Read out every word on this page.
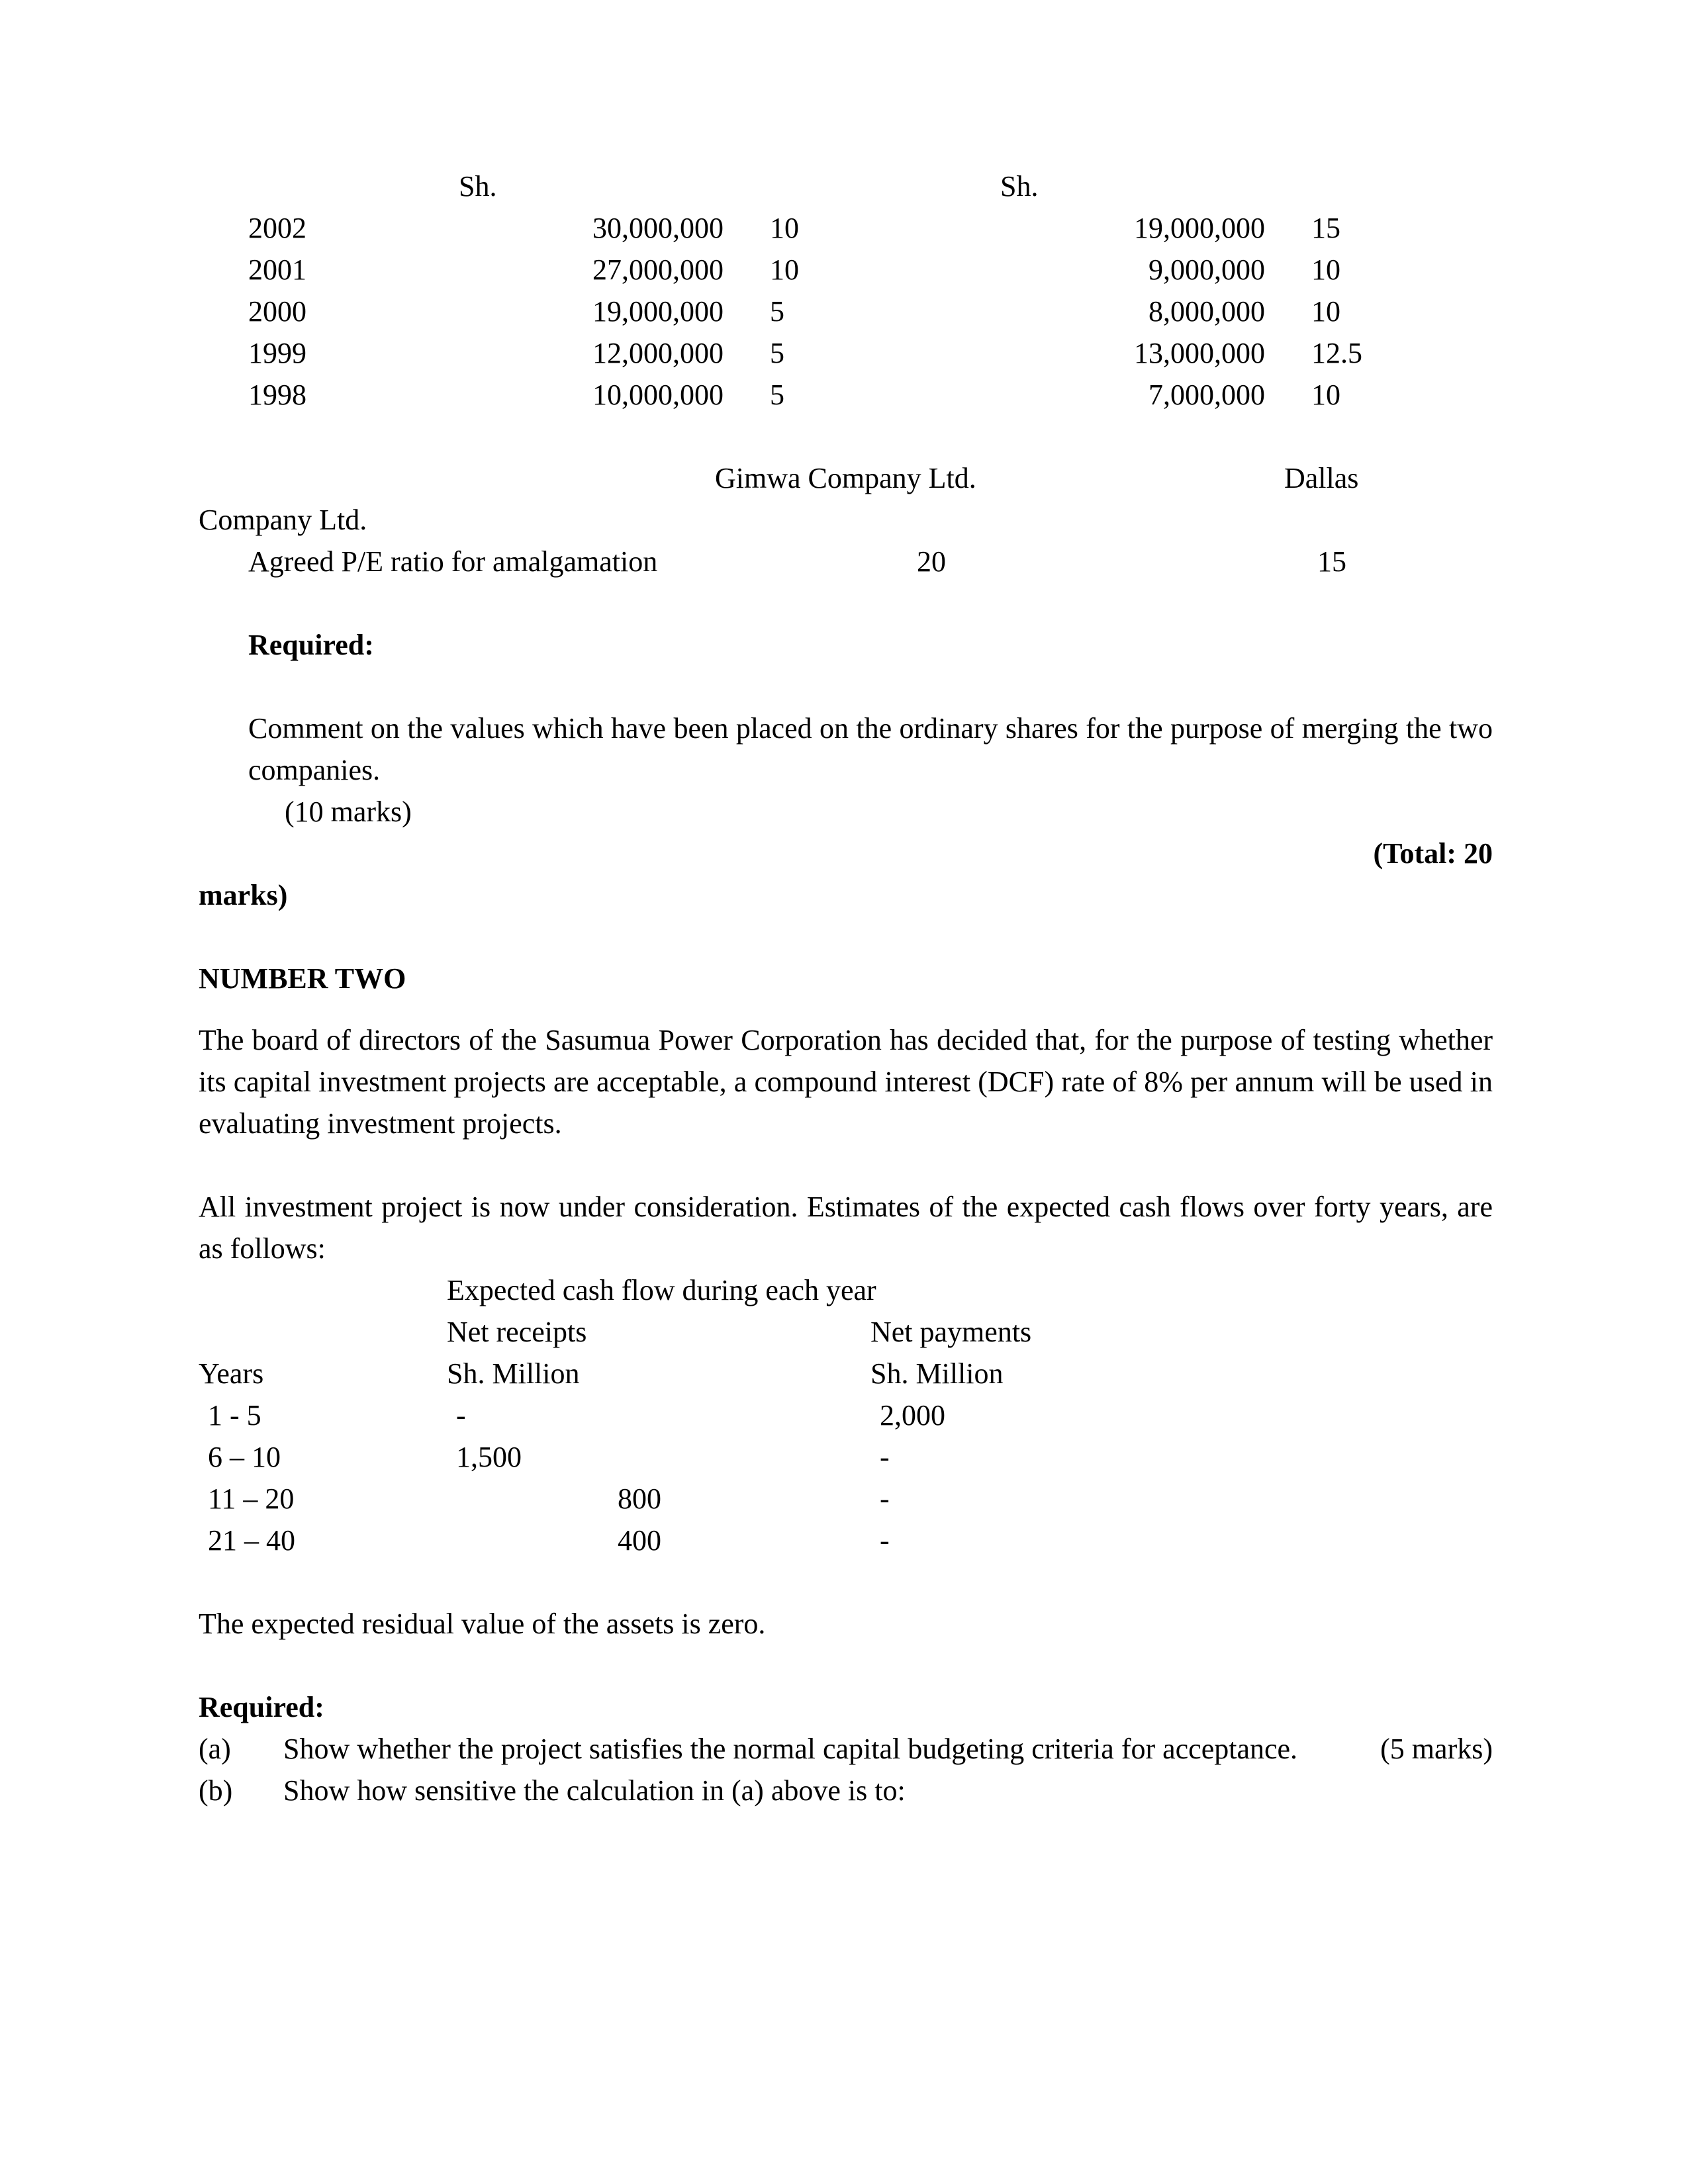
	Sh.		Sh.	
2002	30,000,000	10	19,000,000	15
2001	27,000,000	10	9,000,000	10
2000	19,000,000	5	8,000,000	10
1999	12,000,000	5	13,000,000	12.5
1998	10,000,000	5	7,000,000	10
Gimwa Company Ltd.	Dallas
Company Ltd.
Agreed P/E ratio for amalgamation	20	15
Required:
Comment on the values which have been placed on the ordinary shares for the purpose of merging the two companies.
(10 marks)
(Total: 20
marks)
NUMBER TWO
The board of directors of the Sasumua Power Corporation has decided that, for the purpose of testing whether its capital investment projects are acceptable, a compound interest (DCF) rate of 8% per annum will be used in evaluating investment projects.
All investment project is now under consideration. Estimates of the expected cash flows over forty years, are as follows:
Expected cash flow during each year
Net receipts	Net payments
Years	Sh. Million	Sh. Million
1 - 5	-	2,000
6 – 10	1,500	-
11 – 20	800	-
21 – 40	400	-
The expected residual value of the assets is zero.
Required:
(5 marks)
(a) Show whether the project satisfies the normal capital budgeting criteria for acceptance.
(b) Show how sensitive the calculation in (a) above is to:
